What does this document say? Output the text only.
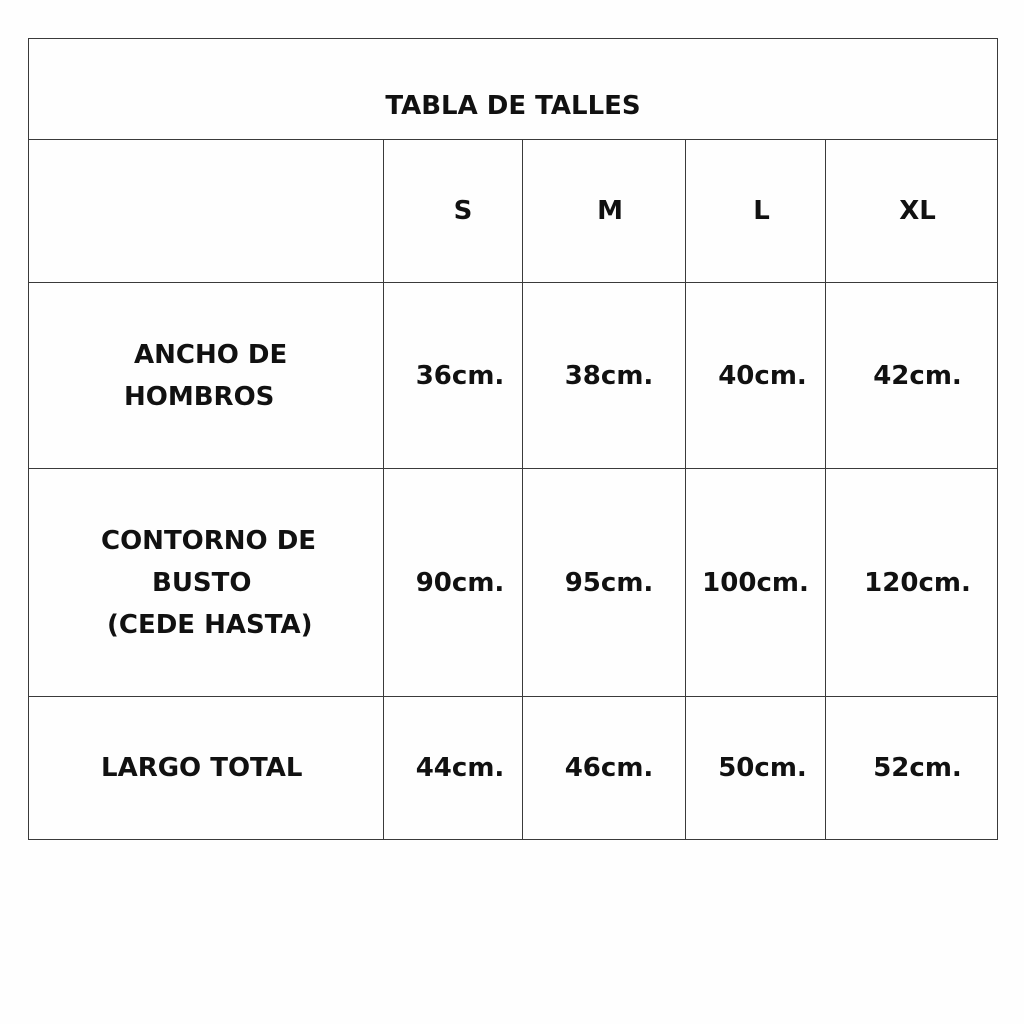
TABLA DE TALLES				
	S	M	L	XL

ANCHO DE
HOMBROS	36cm.	38cm.	40cm.	42cm.

CONTORNO DE
BUSTO
(CEDE HASTA)	90cm.	95cm.	100cm.	120cm.

LARGO TOTAL	44cm.	46cm.	50cm.	52cm.
